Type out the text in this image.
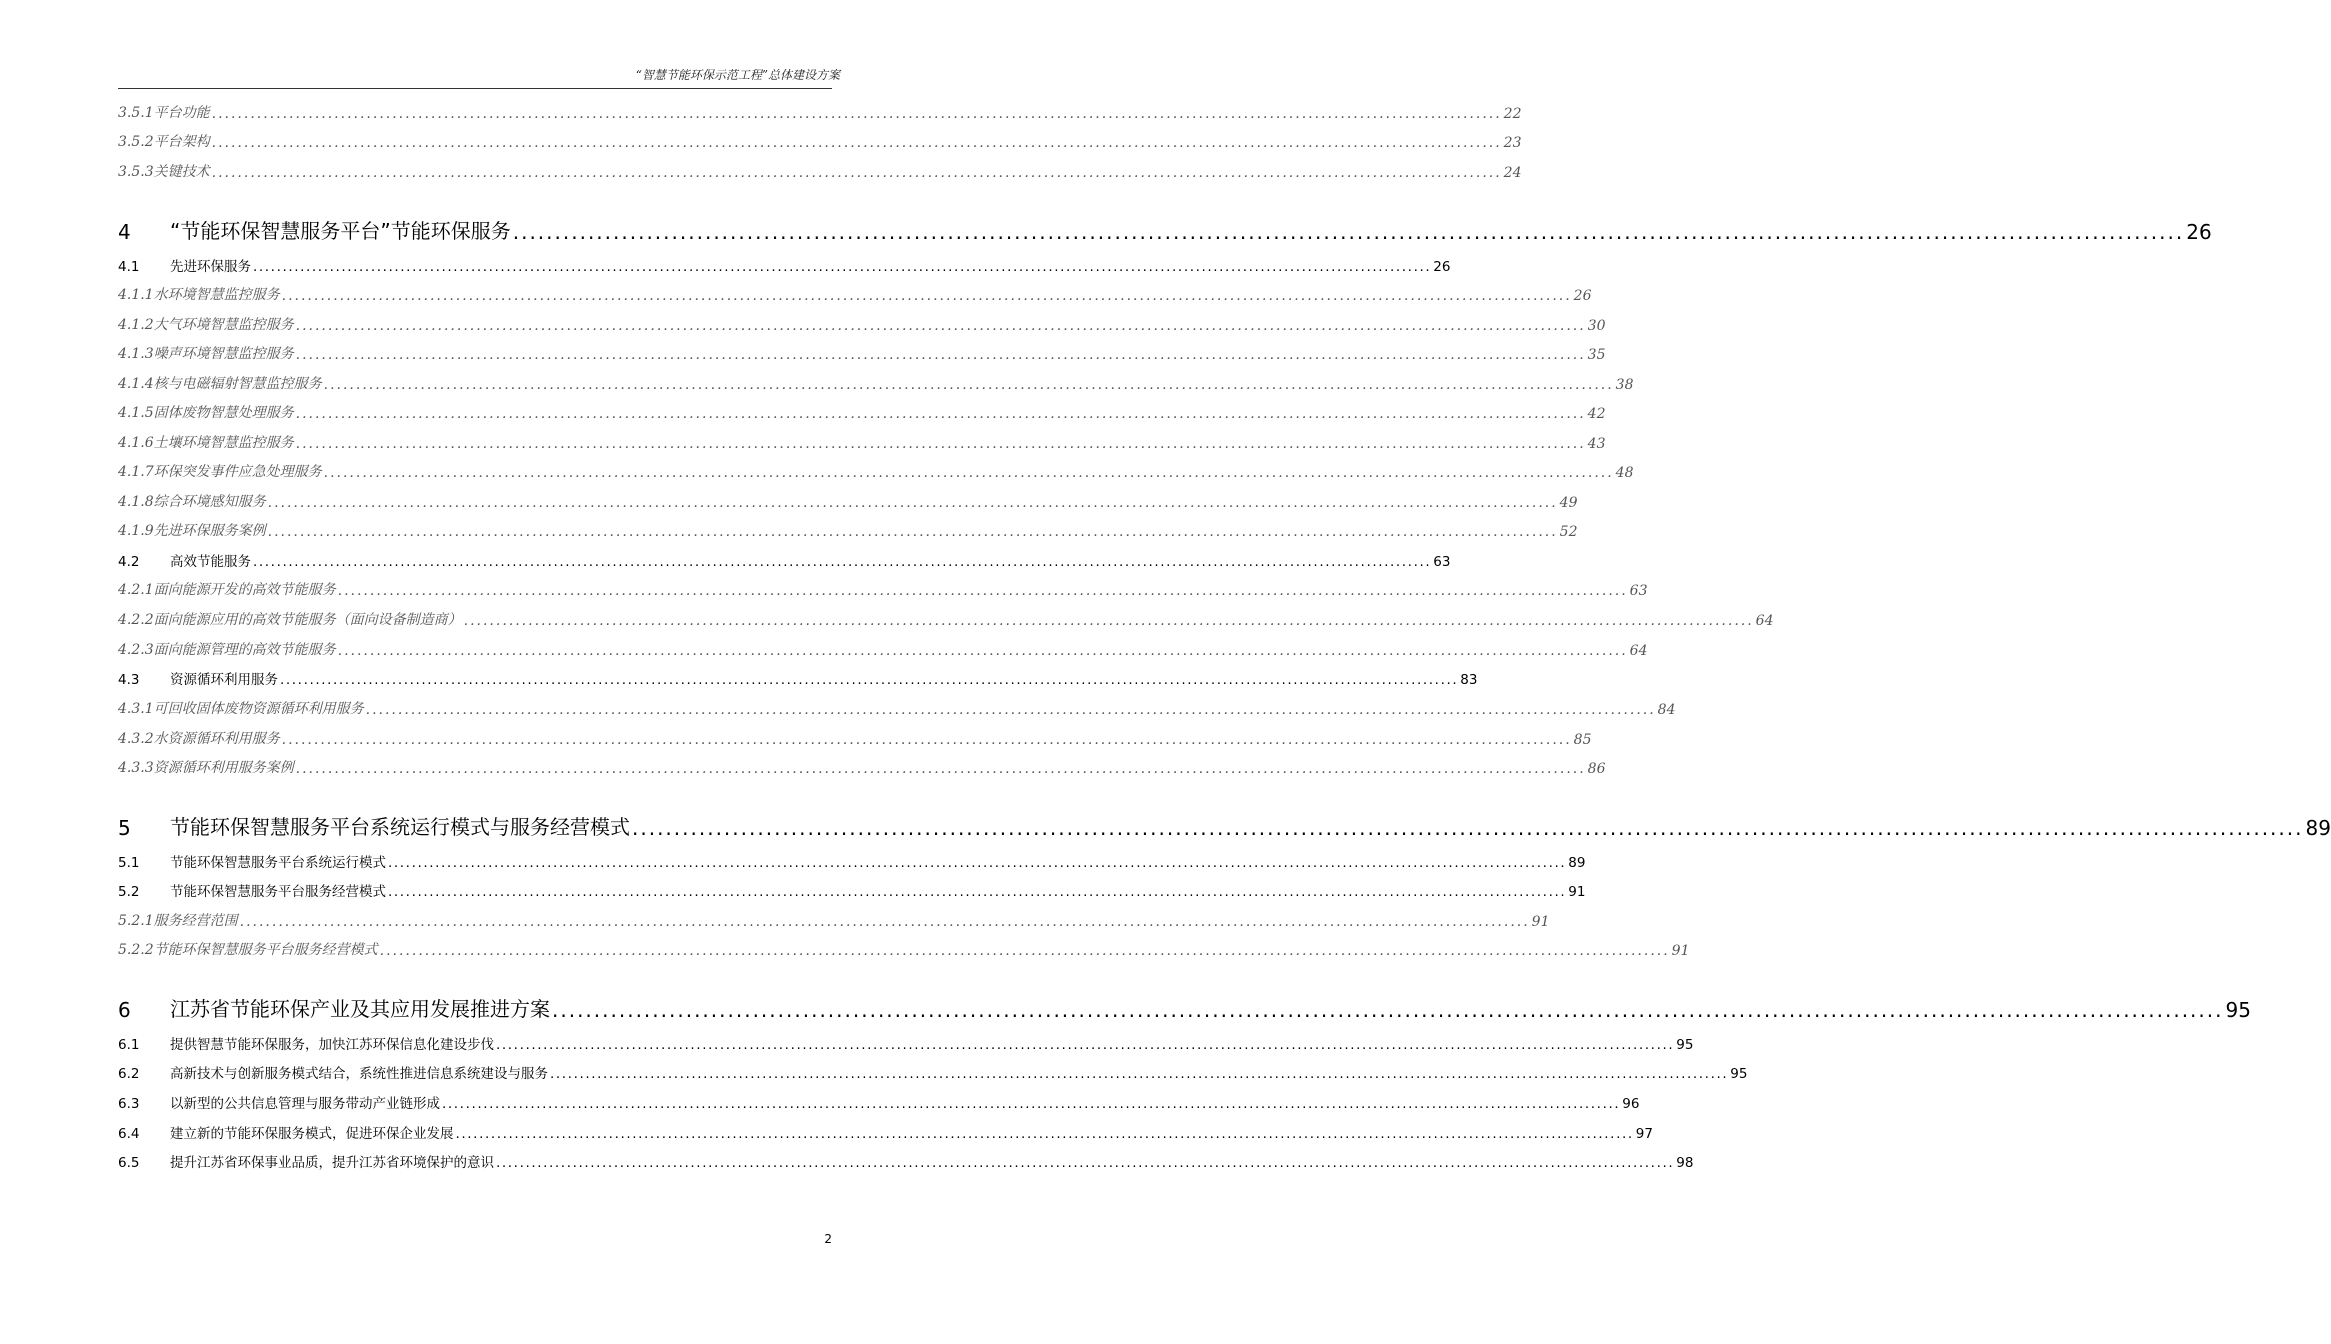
“智慧节能环保示范工程”总体建设方案
3.5.1平台功能 ........................................................................................................................................................................................................ 22
3.5.2平台架构 ........................................................................................................................................................................................................ 23
3.5.3关键技术 ........................................................................................................................................................................................................ 24
4	“节能环保智慧服务平台”节能环保服务 ........................................................................................................................................................................................................ 26
4.1	先进环保服务 ........................................................................................................................................................................................................ 26
4.1.1水环境智慧监控服务 ........................................................................................................................................................................................................ 26
4.1.2大气环境智慧监控服务 ........................................................................................................................................................................................................ 30
4.1.3噪声环境智慧监控服务 ........................................................................................................................................................................................................ 35
4.1.4核与电磁辐射智慧监控服务 ........................................................................................................................................................................................................ 38
4.1.5固体废物智慧处理服务 ........................................................................................................................................................................................................ 42
4.1.6土壤环境智慧监控服务 ........................................................................................................................................................................................................ 43
4.1.7环保突发事件应急处理服务 ........................................................................................................................................................................................................ 48
4.1.8综合环境感知服务 ........................................................................................................................................................................................................ 49
4.1.9先进环保服务案例 ........................................................................................................................................................................................................ 52
4.2	高效节能服务 ........................................................................................................................................................................................................ 63
4.2.1面向能源开发的高效节能服务 ........................................................................................................................................................................................................ 63
4.2.2面向能源应用的高效节能服务（面向设备制造商） ........................................................................................................................................................................................................ 64
4.2.3面向能源管理的高效节能服务 ........................................................................................................................................................................................................ 64
4.3	资源循环利用服务 ........................................................................................................................................................................................................ 83
4.3.1可回收固体废物资源循环利用服务 ........................................................................................................................................................................................................ 84
4.3.2水资源循环利用服务 ........................................................................................................................................................................................................ 85
4.3.3资源循环利用服务案例 ........................................................................................................................................................................................................ 86
5	节能环保智慧服务平台系统运行模式与服务经营模式 ........................................................................................................................................................................................................ 89
5.1	节能环保智慧服务平台系统运行模式 ........................................................................................................................................................................................................ 89
5.2	节能环保智慧服务平台服务经营模式 ........................................................................................................................................................................................................ 91
5.2.1服务经营范围 ........................................................................................................................................................................................................ 91
5.2.2节能环保智慧服务平台服务经营模式 ........................................................................................................................................................................................................ 91
6	江苏省节能环保产业及其应用发展推进方案 ........................................................................................................................................................................................................ 95
6.1	提供智慧节能环保服务，加快江苏环保信息化建设步伐 ........................................................................................................................................................................................................ 95
6.2	高新技术与创新服务模式结合，系统性推进信息系统建设与服务 ........................................................................................................................................................................................................ 95
6.3	以新型的公共信息管理与服务带动产业链形成 ........................................................................................................................................................................................................ 96
6.4	建立新的节能环保服务模式，促进环保企业发展 ........................................................................................................................................................................................................ 97
6.5	提升江苏省环保事业品质，提升江苏省环境保护的意识 ........................................................................................................................................................................................................ 98
2
